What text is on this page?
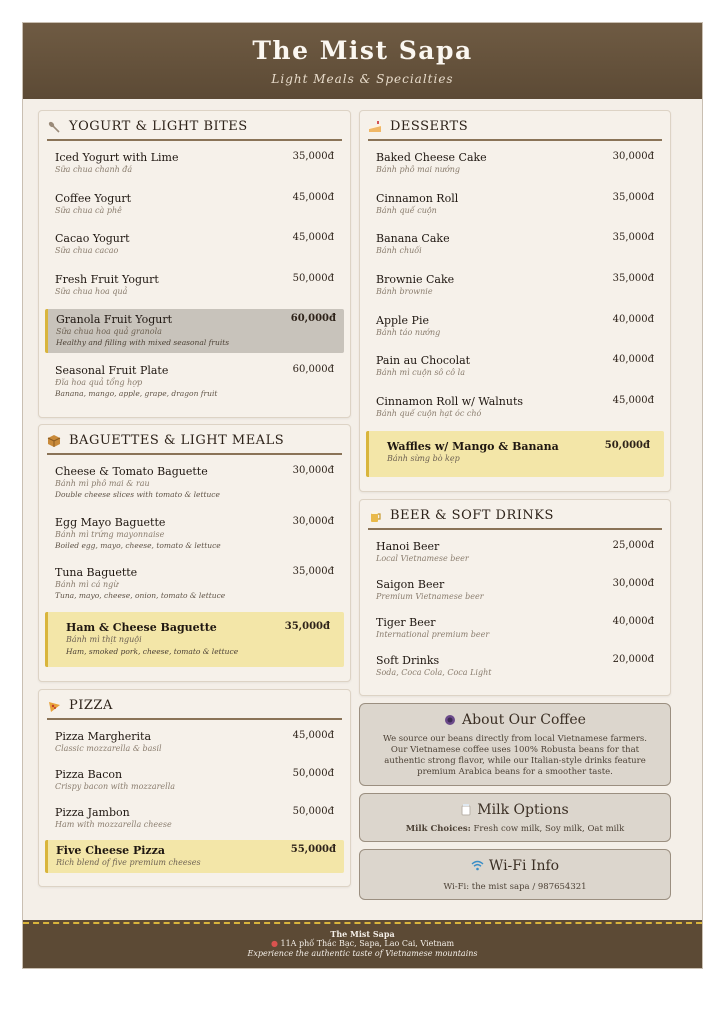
The Mist Sapa
Light Meals & Specialties
YOGURT & LIGHT BITES
Iced Yogurt with Lime	35,000đ
Sữa chua chanh đá
Coffee Yogurt	45,000đ
Sữa chua cà phê
Cacao Yogurt	45,000đ
Sữa chua cacao
Fresh Fruit Yogurt	50,000đ
Sữa chua hoa quả
Granola Fruit Yogurt	60,000đ
Sữa chua hoa quả granola
Healthy and filling with mixed seasonal fruits
Seasonal Fruit Plate	60,000đ
Đĩa hoa quả tổng hợp
Banana, mango, apple, grape, dragon fruit
BAGUETTES & LIGHT MEALS
Cheese & Tomato Baguette	30,000đ
Bánh mì phô mai & rau
Double cheese slices with tomato & lettuce
Egg Mayo Baguette	30,000đ
Bánh mì trứng mayonnaise
Boiled egg, mayo, cheese, tomato & lettuce
Tuna Baguette	35,000đ
Bánh mì cá ngừ
Tuna, mayo, cheese, onion, tomato & lettuce
Ham & Cheese Baguette	35,000đ
Bánh mì thịt nguội
Ham, smoked pork, cheese, tomato & lettuce
PIZZA
Pizza Margherita	45,000đ
Classic mozzarella & basil
Pizza Bacon	50,000đ
Crispy bacon with mozzarella
Pizza Jambon	50,000đ
Ham with mozzarella cheese
Five Cheese Pizza	55,000đ
Rich blend of five premium cheeses
DESSERTS
Baked Cheese Cake	30,000đ
Bánh phô mai nướng
Cinnamon Roll	35,000đ
Bánh quế cuộn
Banana Cake	35,000đ
Bánh chuối
Brownie Cake	35,000đ
Bánh brownie
Apple Pie	40,000đ
Bánh táo nướng
Pain au Chocolat	40,000đ
Bánh mì cuộn sô cô la
Cinnamon Roll w/ Walnuts	45,000đ
Bánh quế cuộn hạt óc chó
Waffles w/ Mango & Banana	50,000đ
Bánh sừng bò kẹp
BEER & SOFT DRINKS
Hanoi Beer	25,000đ
Local Vietnamese beer
Saigon Beer	30,000đ
Premium Vietnamese beer
Tiger Beer	40,000đ
International premium beer
Soft Drinks	20,000đ
Soda, Coca Cola, Coca Light
About Our Coffee
We source our beans directly from local Vietnamese farmers. Our Vietnamese coffee uses 100% Robusta beans for that authentic strong flavor, while our Italian-style drinks feature premium Arabica beans for a smoother taste.
Milk Options
Milk Choices: Fresh cow milk, Soy milk, Oat milk
Wi-Fi Info
Wi-Fi: the mist sapa / 987654321
The Mist Sapa
● 11A phố Thác Bạc, Sapa, Lao Cai, Vietnam
Experience the authentic taste of Vietnamese mountains
